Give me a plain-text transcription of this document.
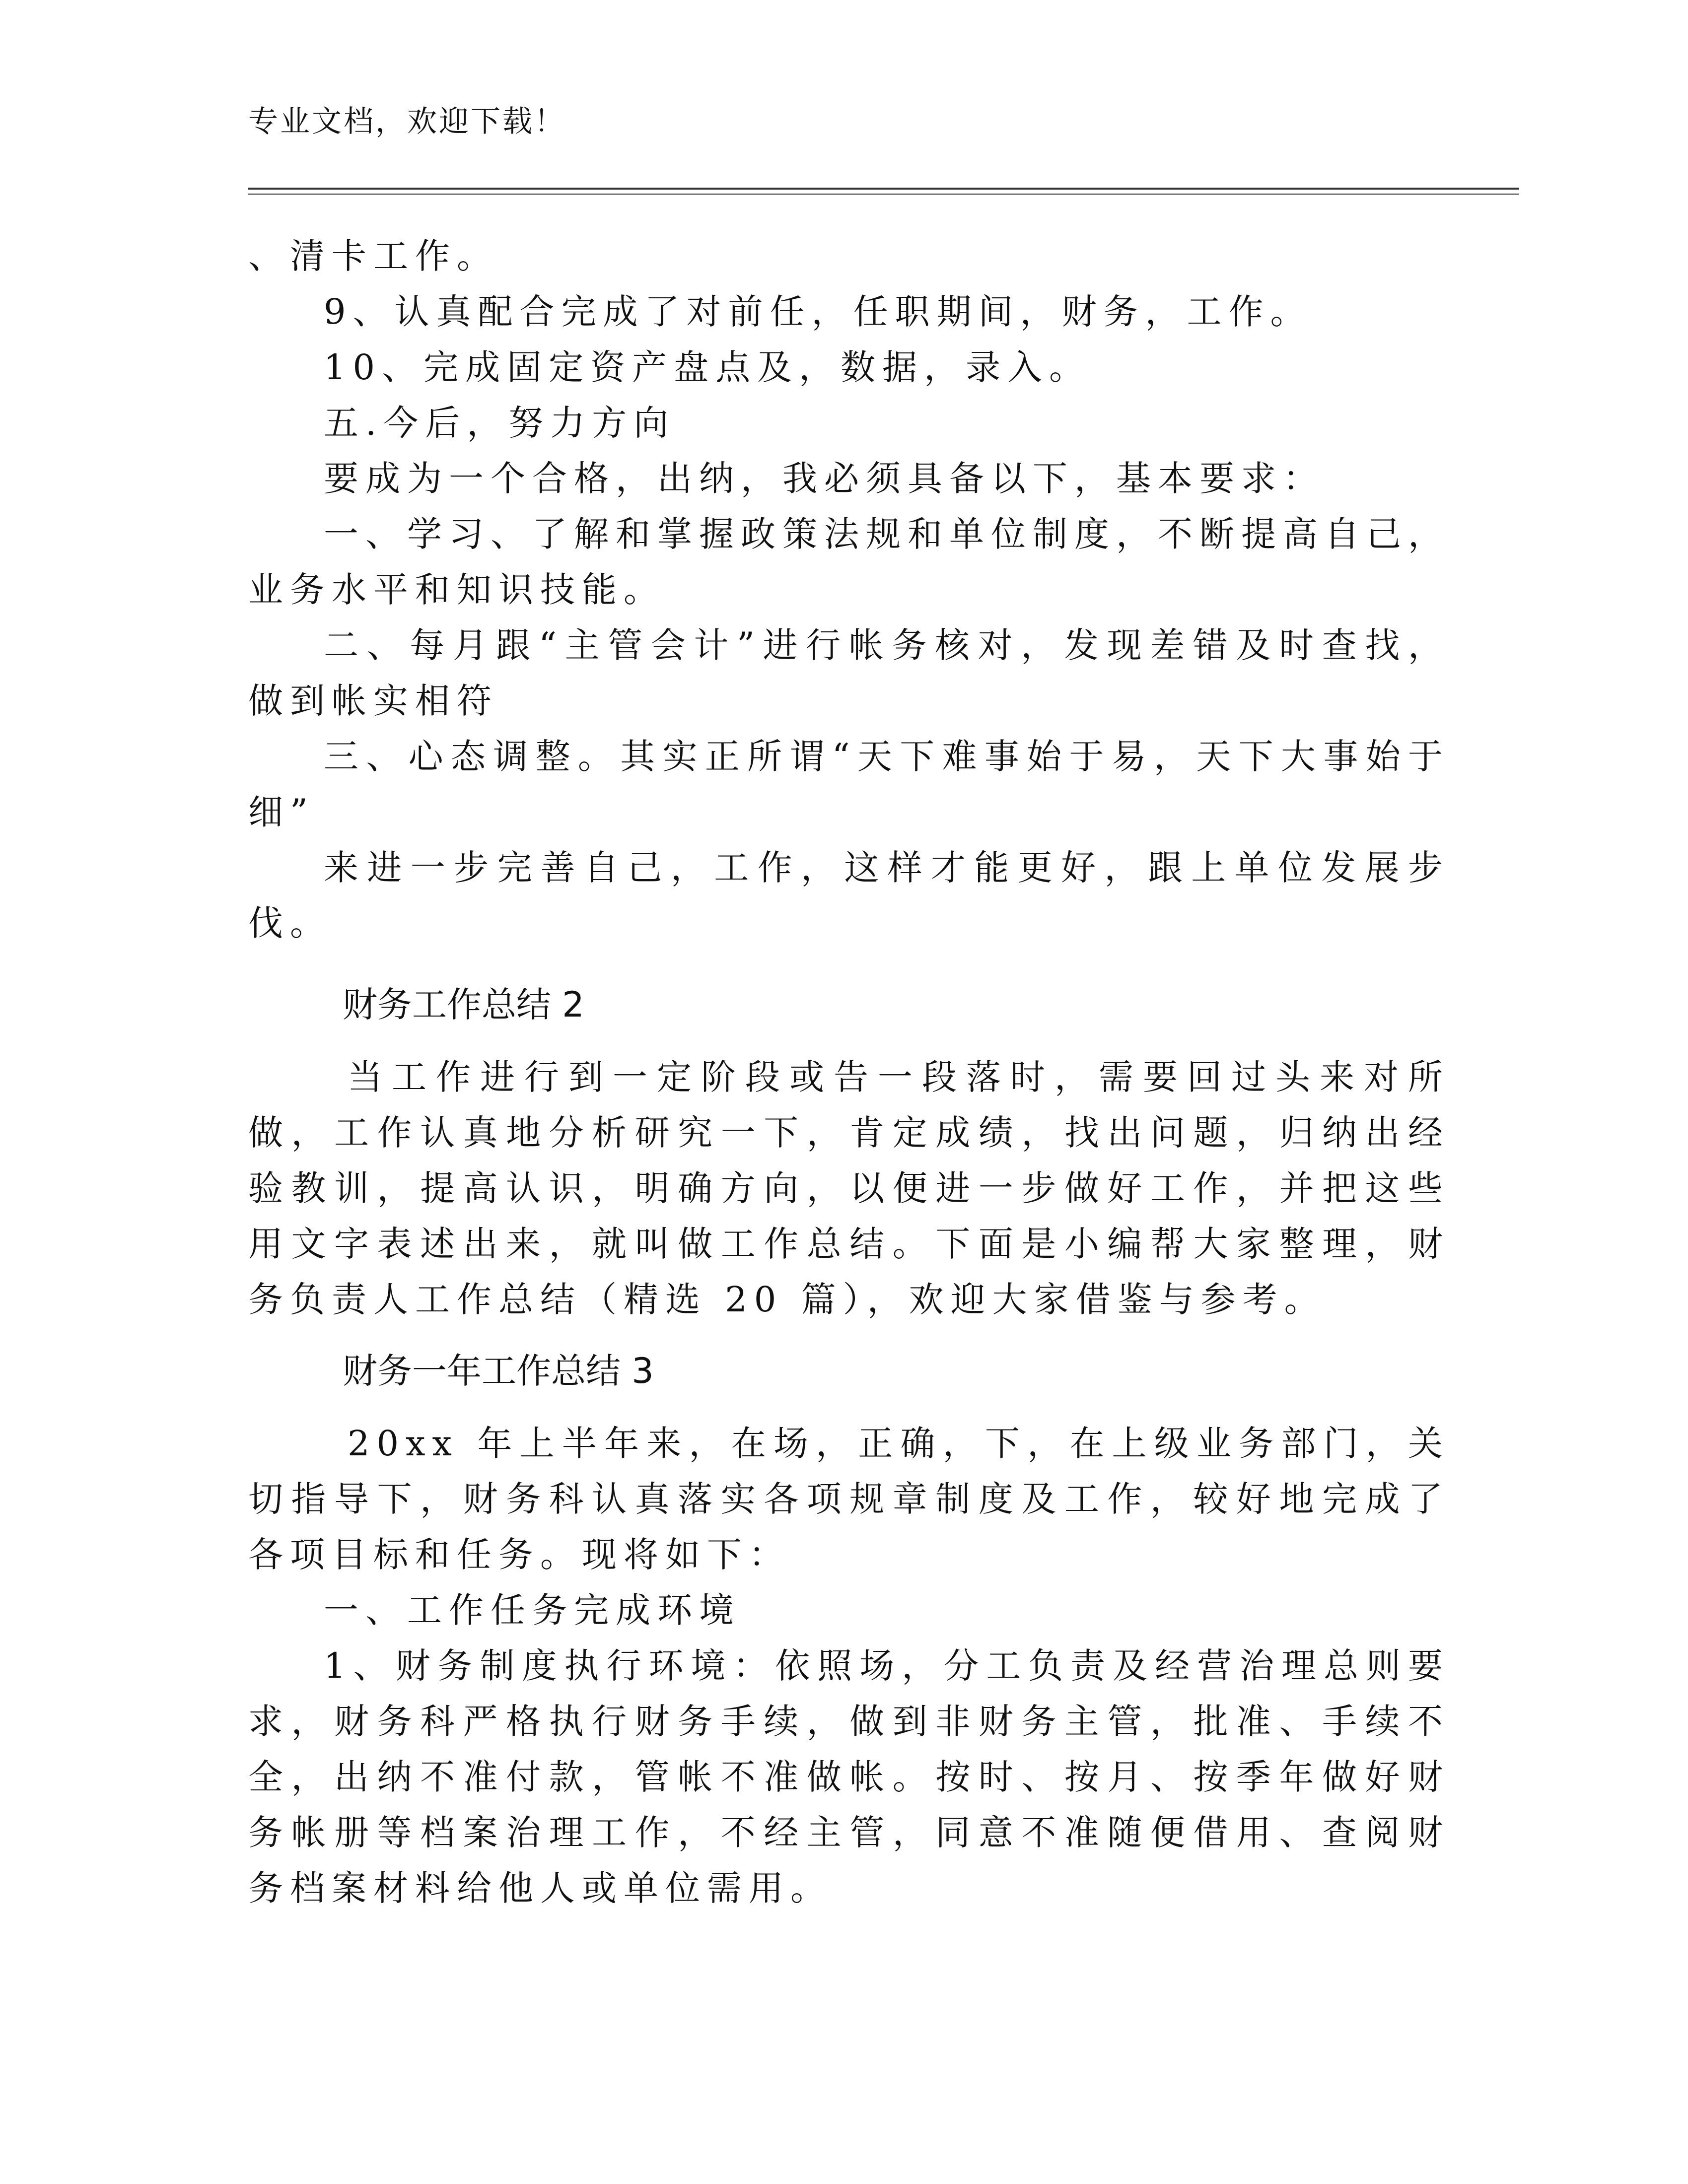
专业文档，欢迎下载！

、清卡工作。

9、认真配合完成了对前任，任职期间，财务，工作。

10、完成固定资产盘点及，数据，录入。

五.今后，努力方向

要成为一个合格，出纳，我必须具备以下，基本要求：

一、学习、了解和掌握政策法规和单位制度，不断提高自己，业务水平和知识技能。

二、每月跟“主管会计”进行帐务核对，发现差错及时查找，做到帐实相符

三、心态调整。其实正所谓“天下难事始于易，天下大事始于细”

来进一步完善自己，工作，这样才能更好，跟上单位发展步伐。

财务工作总结 2

当工作进行到一定阶段或告一段落时，需要回过头来对所做，工作认真地分析研究一下，肯定成绩，找出问题，归纳出经验教训，提高认识，明确方向，以便进一步做好工作，并把这些用文字表述出来，就叫做工作总结。下面是小编帮大家整理，财务负责人工作总结（精选 20 篇），欢迎大家借鉴与参考。

财务一年工作总结 3

20xx 年上半年来，在场，正确，下，在上级业务部门，关切指导下，财务科认真落实各项规章制度及工作，较好地完成了各项目标和任务。现将如下：

一、工作任务完成环境

1、财务制度执行环境：依照场，分工负责及经营治理总则要求，财务科严格执行财务手续，做到非财务主管，批准、手续不全，出纳不准付款，管帐不准做帐。按时、按月、按季年做好财务帐册等档案治理工作，不经主管，同意不准随便借用、查阅财务档案材料给他人或单位需用。
